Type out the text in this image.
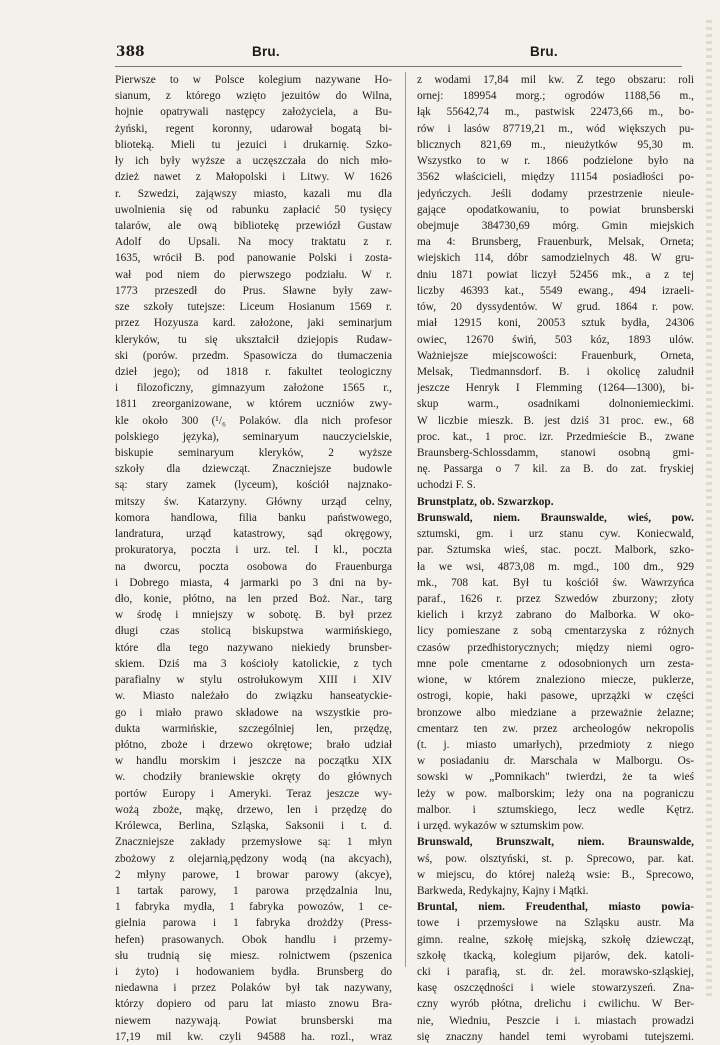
388	Bru.	Bru.
Pierwsze to w Polsce kolegium nazywane Ho-
sianum, z którego wzięto jezuitów do Wilna,
hojnie opatrywali następcy założyciela, a Bu-
żyński, regent koronny, udarował bogatą bi-
blioteką. Mieli tu jezuici i drukarnię. Szko-
ły ich były wyższe a uczęszczała do nich mło-
dzież nawet z Małopolski i Litwy. W 1626
r. Szwedzi, zająwszy miasto, kazali mu dla
uwolnienia się od rabunku zapłacić 50 tysięcy
talarów, ale ową bibliotekę przewiózł Gustaw
Adolf do Upsali. Na mocy traktatu z r.
1635, wrócił B. pod panowanie Polski i zosta-
wał pod niem do pierwszego podziału. W r.
1773 przeszedł do Prus. Sławne były zaw-
sze szkoły tutejsze: Liceum Hosianum 1569 r.
przez Hozyusza kard. założone, jaki seminarjum
kleryków, tu się ukształcił dziejopis Rudaw-
ski (porów. przedm. Spasowicza do tłumaczenia
dzieł jego); od 1818 r. fakultet teologiczny
i filozoficzny, gimnazyum założone 1565 r.,
1811 zreorganizowane, w którem uczniów zwy-
kle około 300 (¹/₆ Polaków. dla nich profesor
polskiego języka), seminaryum nauczycielskie,
biskupie seminaryum kleryków, 2 wyższe
szkoły dla dziewcząt. Znaczniejsze budowle
są: stary zamek (lyceum), kościół najznako-
mitszy św. Katarzyny. Główny urząd celny,
komora handlowa, filia banku państwowego,
landratura, urząd katastrowy, sąd okręgowy,
prokuratorya, poczta i urz. tel. I kl., poczta
na dworcu, poczta osobowa do Frauenburga
i Dobrego miasta, 4 jarmarki po 3 dni na by-
dło, konie, płótno, na len przed Boż. Nar., targ
w środę i mniejszy w sobotę. B. był przez
długi czas stolicą biskupstwa warmińskiego,
które dla tego nazywano niekiedy brunsber-
skiem. Dziś ma 3 kościoły katolickie, z tych
parafialny w stylu ostrołukowym XIII i XIV
w. Miasto należało do związku hanseatyckie-
go i miało prawo składowe na wszystkie pro-
dukta warmińskie, szczególniej len, przędzę,
płótno, zboże i drzewo okrętowe; brało udział
w handlu morskim i jeszcze na początku XIX
w. chodziły braniewskie okręty do głównych
portów Europy i Ameryki. Teraz jeszcze wy-
wożą zboże, mąkę, drzewo, len i przędzę do
Królewca, Berlina, Szląska, Saksonii i t. d.
Znaczniejsze zakłady przemysłowe są: 1 młyn
zbożowy z olejarnią,pędzony wodą (na akcyach),
2 młyny parowe, 1 browar parowy (akcye),
1 tartak parowy, 1 parowa przędzalnia lnu,
1 fabryka mydła, 1 fabryka powozów, 1 ce-
gielnia parowa i 1 fabryka drożdży (Press-
hefen) prasowanych. Obok handlu i przemy-
słu trudnią się miesz. rolnictwem (pszenica
i żyto) i hodowaniem bydła. Brunsberg do
niedawna i przez Polaków był tak nazywany,
którzy dopiero od paru lat miasto znowu Bra-
niewem nazywają. Powiat brunsberski ma
17,19 mil kw. czyli 94588 ha. rozl., wraz
z wodami 17,84 mil kw. Z tego obszaru: roli
ornej: 189954 morg.; ogrodów 1188,56 m.,
łąk 55642,74 m., pastwisk 22473,66 m., bo-
rów i lasów 87719,21 m., wód większych pu-
blicznych 821,69 m., nieużytków 95,30 m.
Wszystko to w r. 1866 podzielone było na
3562 właścicieli, między 11154 posiadłości po-
jedyńczych. Jeśli dodamy przestrzenie nieule-
gające opodatkowaniu, to powiat brunsberski
obejmuje 384730,69 mórg. Gmin miejskich
ma 4: Brunsberg, Frauenburk, Melsak, Orneta;
wiejskich 114, dóbr samodzielnych 48. W gru-
dniu 1871 powiat liczył 52456 mk., a z tej
liczby 46393 kat., 5549 ewang., 494 izraeli-
tów, 20 dyssydentów. W grud. 1864 r. pow.
miał 12915 koni, 20053 sztuk bydła, 24306
owiec, 12670 świń, 503 kóz, 1893 ulów.
Ważniejsze miejscowości: Frauenburk, Orneta,
Melsak, Tiedmannsdorf. B. i okolicę zaludnił
jeszcze Henryk I Flemming (1264—1300), bi-
skup warm., osadnikami dolnoniemieckimi.
W liczbie mieszk. B. jest dziś 31 proc. ew., 68
proc. kat., 1 proc. izr. Przedmieście B., zwane
Braunsberg-Schlossdamm, stanowi osobną gmi-
nę. Passarga o 7 kil. za B. do zat. fryskiej
uchodzi F. S.
Brunstplatz, ob. Szwarzkop.
Brunswald, niem. Braunswalde, wieś, pow.
sztumski, gm. i urz stanu cyw. Koniecwald,
par. Sztumska wieś, stac. poczt. Malbork, szko-
ła we wsi, 4873,08 m. mgd., 100 dm., 929
mk., 708 kat. Był tu kościół św. Wawrzyńca
paraf., 1626 r. przez Szwedów zburzony; złoty
kielich i krzyż zabrano do Malborka. W oko-
licy pomieszane z sobą cmentarzyska z różnych
czasów przedhistorycznych; między niemi ogro-
mne pole cmentarne z odosobnionych urn zesta-
wione, w którem znaleziono miecze, puklerze,
ostrogi, kopie, haki pasowe, uprzążki w części
bronzowe albo miedziane a przeważnie żelazne;
cmentarz ten zw. przez archeologów nekropolis
(t. j. miasto umarłych), przedmioty z niego
w posiadaniu dr. Marschala w Malborgu. Os-
sowski w „Pomnikach" twierdzi, że ta wieś
leży w pow. malborskim; leży ona na pograniczu
malbor. i sztumskiego, lecz wedle Kętrz.
i urzęd. wykazów w sztumskim pow.
Brunswald, Brunszwalt, niem. Braunswalde,
wś, pow. olsztyński, st. p. Sprecowo, par. kat.
w miejscu, do której należą wsie: B., Sprecowo,
Barkweda, Redykajny, Kajny i Mątki.
Bruntal, niem. Freudenthal, miasto powia-
towe i przemysłowe na Szląsku austr. Ma
gimn. realne, szkołę miejską, szkołę dziewcząt,
szkołę tkacką, kolegium pijarów, dek. katoli-
cki i parafią, st. dr. żel. morawsko-szląskiej,
kasę oszczędności i wiele stowarzyszeń. Zna-
czny wyrób płótna, drelichu i cwilichu. W Ber-
nie, Wiedniu, Peszcie i i. miastach prowadzi
się znaczny handel temi wyrobami tutejszemi.
